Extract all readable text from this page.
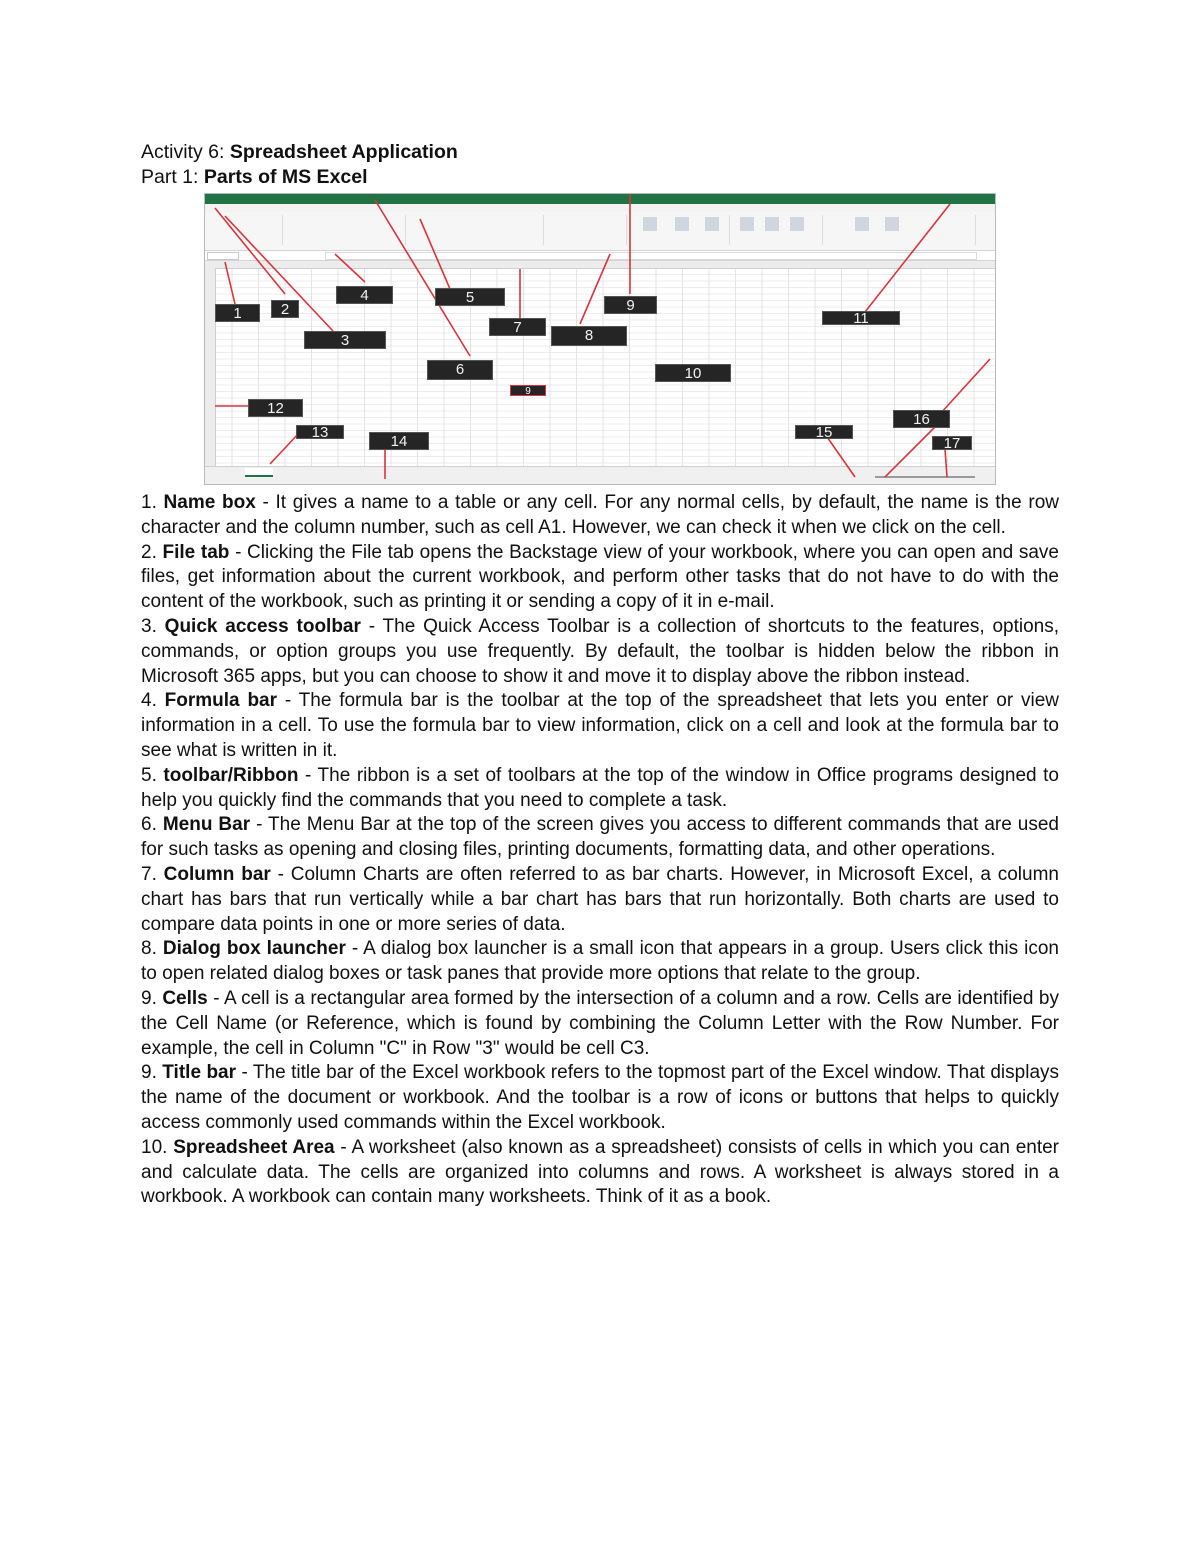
Activity 6: Spreadsheet Application

Part 1: Parts of MS Excel

1	2
3
4	5
6
7	8
9
10
11
12
13
14
15
16
17
9

1. Name box - It gives a name to a table or any cell. For any normal cells, by default, the name is the row character and the column number, such as cell A1. However, we can check it when we click on the cell.

2. File tab - Clicking the File tab opens the Backstage view of your workbook, where you can open and save files, get information about the current workbook, and perform other tasks that do not have to do with the content of the workbook, such as printing it or sending a copy of it in e-mail.

3. Quick access toolbar - The Quick Access Toolbar is a collection of shortcuts to the features, options, commands, or option groups you use frequently. By default, the toolbar is hidden below the ribbon in Microsoft 365 apps, but you can choose to show it and move it to display above the ribbon instead.

4. Formula bar - The formula bar is the toolbar at the top of the spreadsheet that lets you enter or view information in a cell. To use the formula bar to view information, click on a cell and look at the formula bar to see what is written in it.

5. toolbar/Ribbon - The ribbon is a set of toolbars at the top of the window in Office programs designed to help you quickly find the commands that you need to complete a task.

6. Menu Bar - The Menu Bar at the top of the screen gives you access to different commands that are used for such tasks as opening and closing files, printing documents, formatting data, and other operations.

7. Column bar - Column Charts are often referred to as bar charts. However, in Microsoft Excel, a column chart has bars that run vertically while a bar chart has bars that run horizontally. Both charts are used to compare data points in one or more series of data.

8. Dialog box launcher - A dialog box launcher is a small icon that appears in a group. Users click this icon to open related dialog boxes or task panes that provide more options that relate to the group.

9. Cells - A cell is a rectangular area formed by the intersection of a column and a row. Cells are identified by the Cell Name (or Reference, which is found by combining the Column Letter with the Row Number. For example, the cell in Column "C" in Row "3" would be cell C3.

9. Title bar - The title bar of the Excel workbook refers to the topmost part of the Excel window. That displays the name of the document or workbook. And the toolbar is a row of icons or buttons that helps to quickly access commonly used commands within the Excel workbook.

10. Spreadsheet Area - A worksheet (also known as a spreadsheet) consists of cells in which you can enter and calculate data. The cells are organized into columns and rows. A worksheet is always stored in a workbook. A workbook can contain many worksheets. Think of it as a book.
